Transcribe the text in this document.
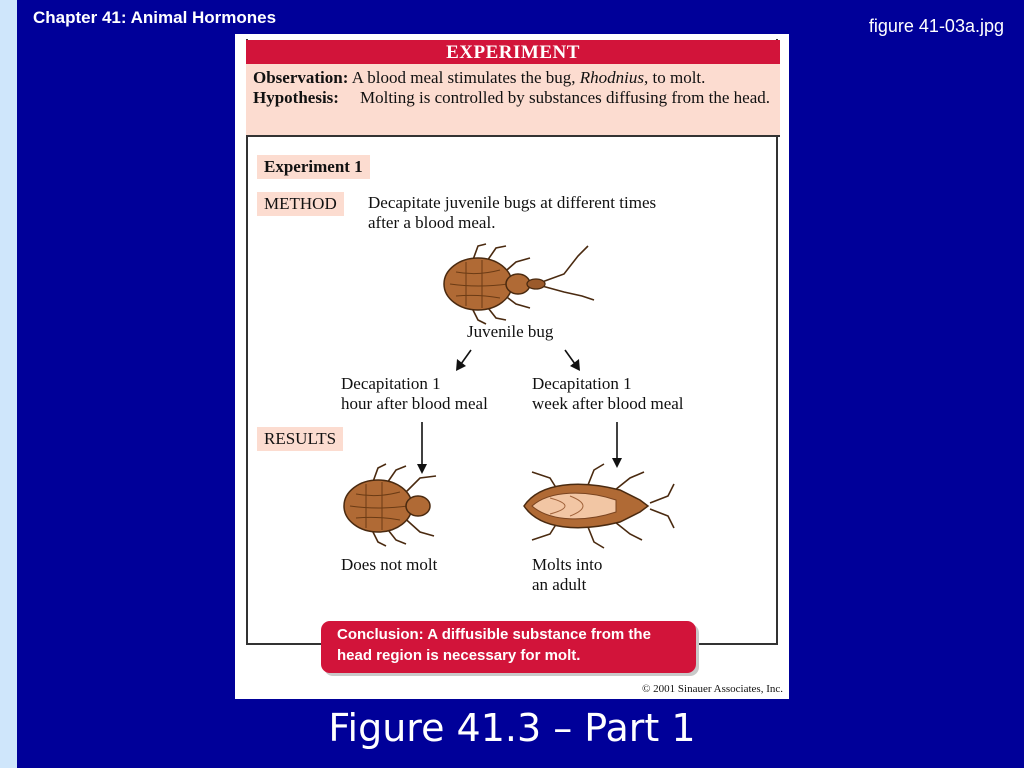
Chapter 41: Animal Hormones	figure 41-03a.jpg
EXPERIMENT
Observation: A blood meal stimulates the bug, Rhodnius, to molt.
Hypothesis: Molting is controlled by substances diffusing from the head.
Experiment 1
METHOD	Decapitate juvenile bugs at different times after a blood meal.
Juvenile bug
Decapitation 1
hour after blood meal
Decapitation 1
week after blood meal
RESULTS
Does not molt	Molts into
an adult
Conclusion: A diffusible substance from the
head region is necessary for molt.
© 2001 Sinauer Associates, Inc.
Figure 41.3 – Part 1
